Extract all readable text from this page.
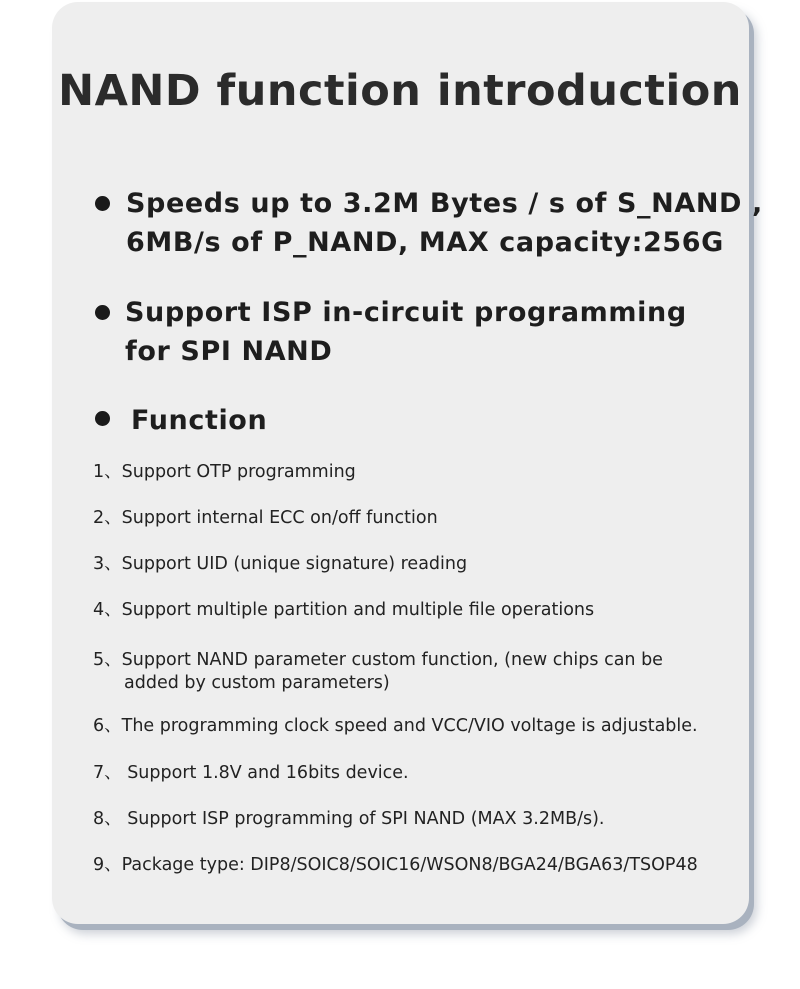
NAND function introduction
Speeds up to 3.2M Bytes / s of S_NAND ,
6MB/s of P_NAND, MAX capacity:256G
Support ISP in-circuit programming
for SPI NAND
Function
1、Support OTP programming
2、Support internal ECC on/off function
3、Support UID (unique signature) reading
4、Support multiple partition and multiple file operations
5、Support NAND parameter custom function, (new chips can be
added by custom parameters)
6、The programming clock speed and VCC/VIO voltage is adjustable.
7、 Support 1.8V and 16bits device.
8、 Support ISP programming of SPI NAND (MAX 3.2MB/s).
9、Package type: DIP8/SOIC8/SOIC16/WSON8/BGA24/BGA63/TSOP48
